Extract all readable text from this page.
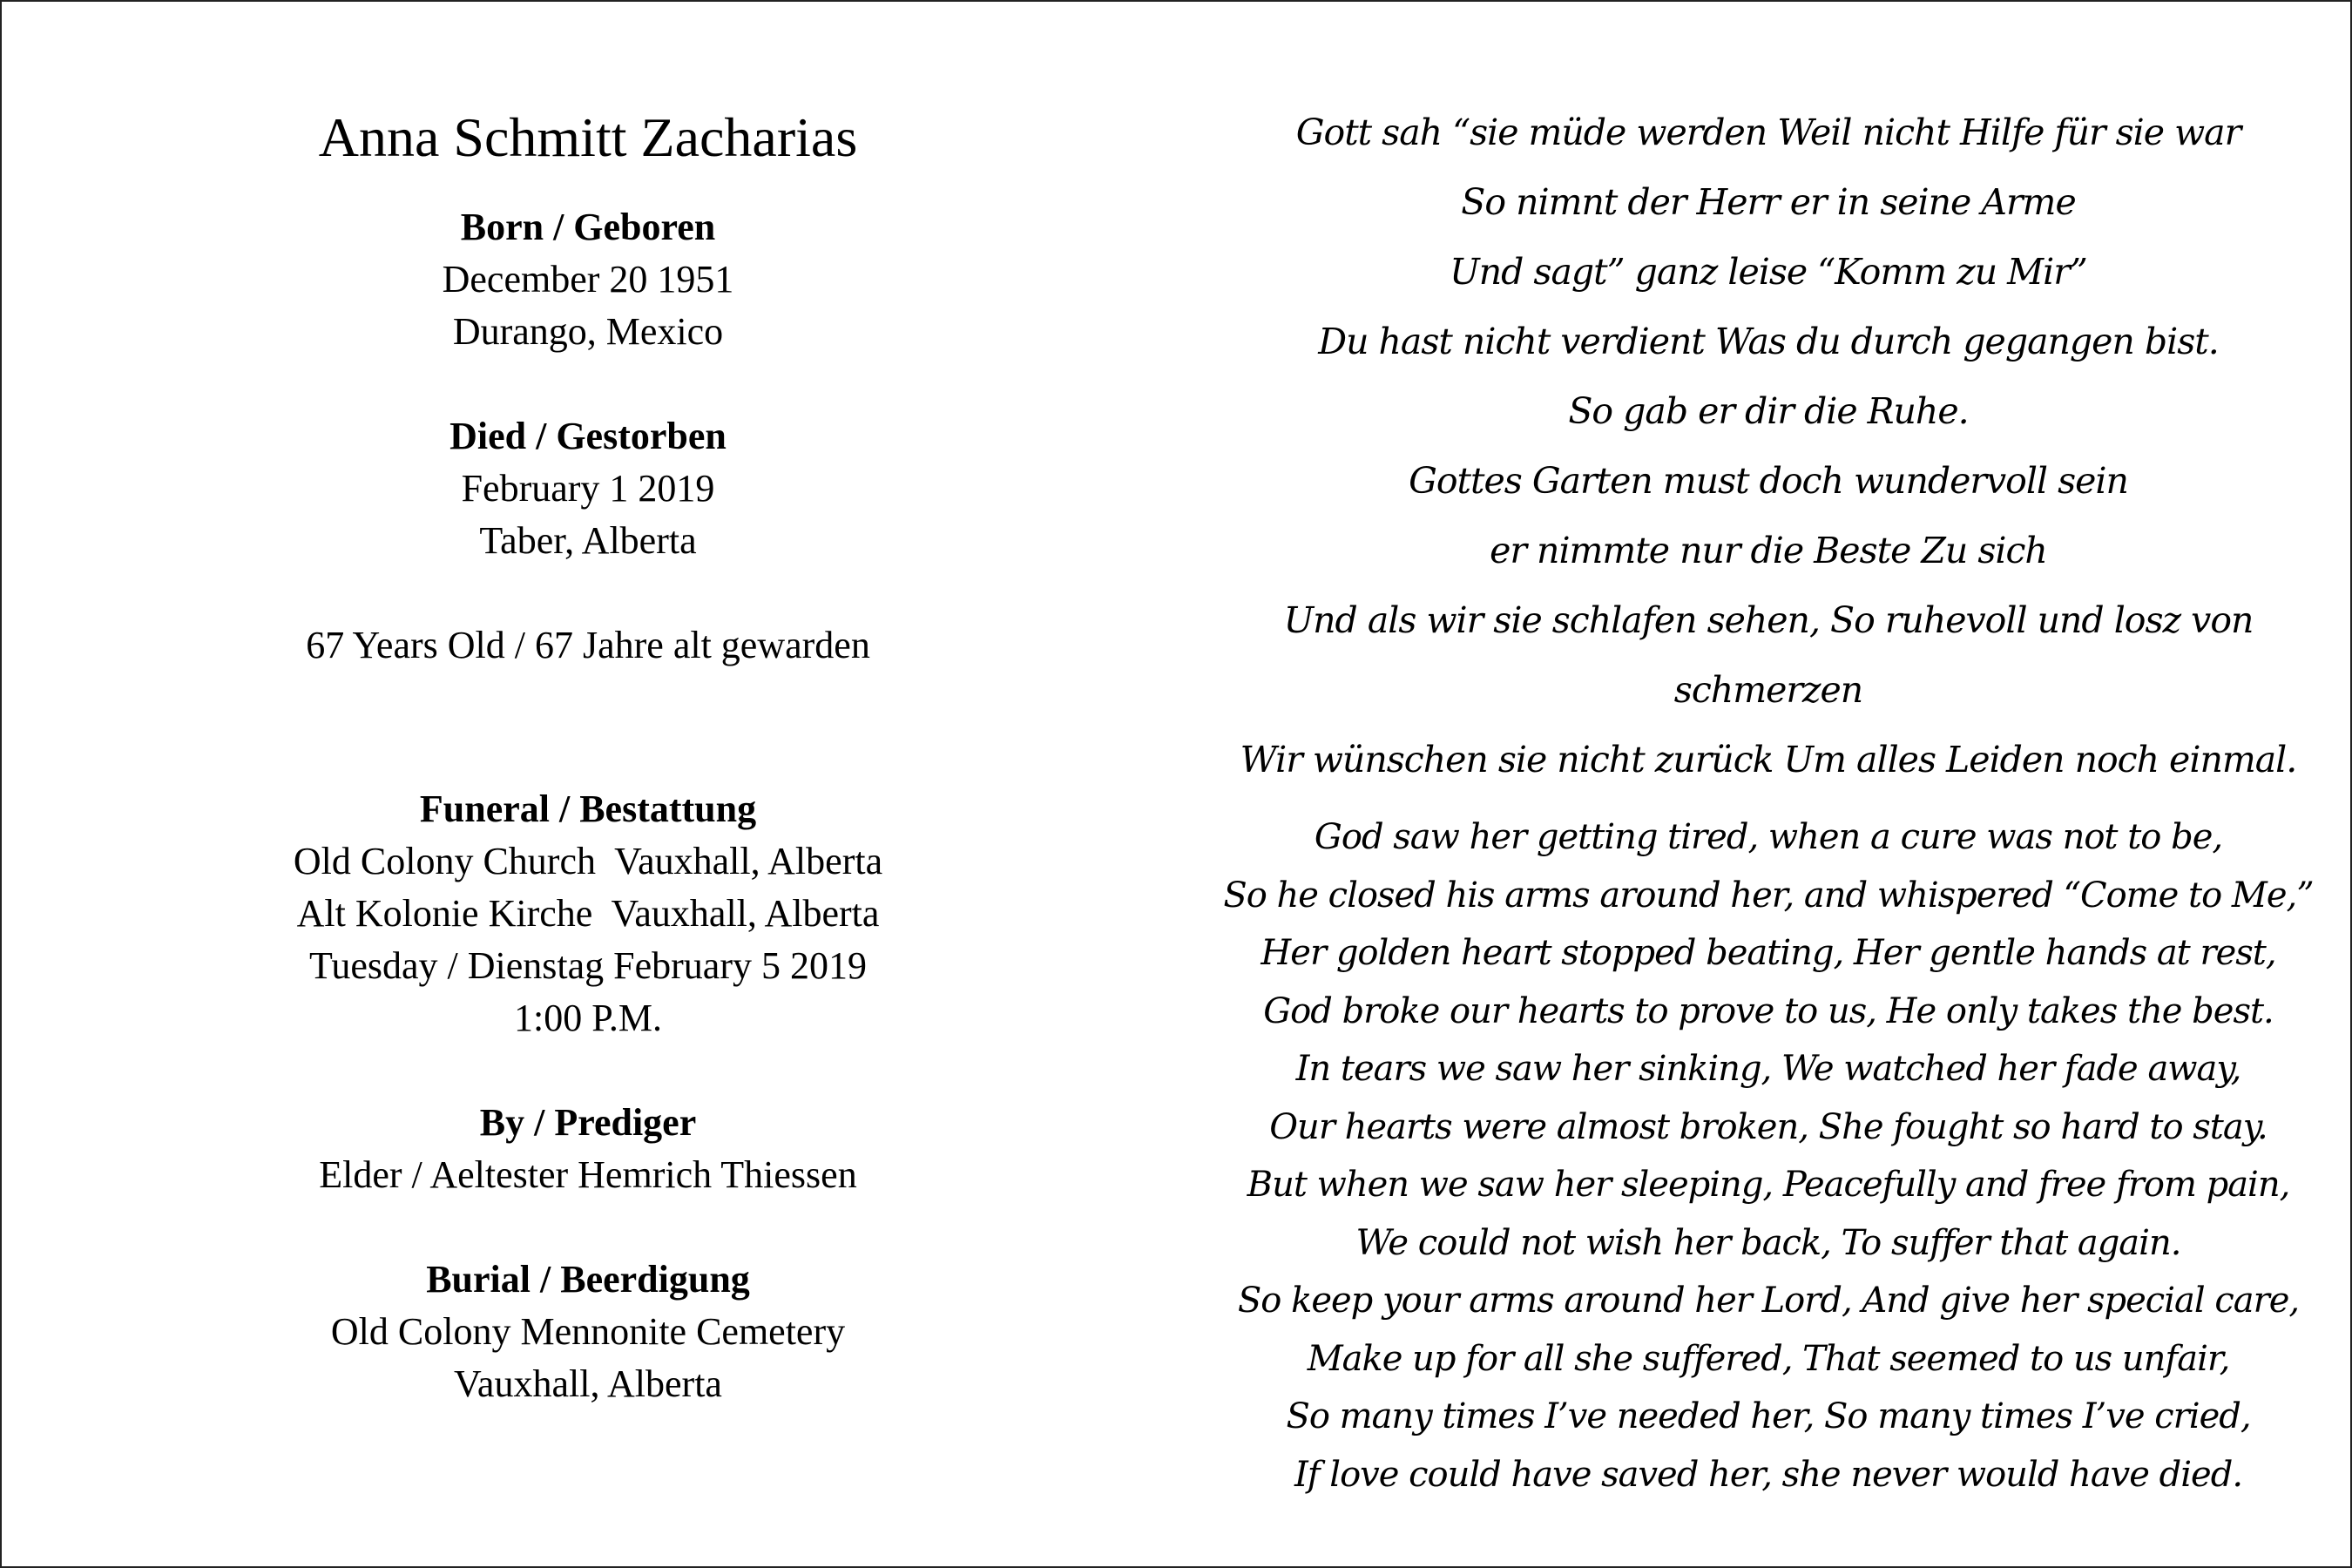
Anna Schmitt Zacharias
Born / Geboren
December 20 1951
Durango, Mexico
Died / Gestorben
February 1 2019
Taber, Alberta
67 Years Old / 67 Jahre alt gewarden
Funeral / Bestattung
Old Colony Church  Vauxhall, Alberta
Alt Kolonie Kirche  Vauxhall, Alberta
Tuesday / Dienstag February 5 2019
1:00 P.M.
By / Prediger
Elder / Aeltester Hemrich Thiessen
Burial / Beerdigung
Old Colony Mennonite Cemetery
Vauxhall, Alberta
Gott sah “sie müde werden Weil nicht Hilfe für sie war
So nimnt der Herr er in seine Arme
Und sagt” ganz leise “Komm zu Mir”
Du hast nicht verdient Was du durch gegangen bist.
So gab er dir die Ruhe.
Gottes Garten must doch wundervoll sein
er nimmte nur die Beste Zu sich
Und als wir sie schlafen sehen, So ruhevoll und losz von schmerzen
Wir wünschen sie nicht zurück Um alles Leiden noch einmal.
God saw her getting tired, when a cure was not to be,
So he closed his arms around her, and whispered “Come to Me,”
Her golden heart stopped beating, Her gentle hands at rest,
God broke our hearts to prove to us, He only takes the best.
In tears we saw her sinking, We watched her fade away,
Our hearts were almost broken, She fought so hard to stay.
But when we saw her sleeping, Peacefully and free from pain,
We could not wish her back, To suffer that again.
So keep your arms around her Lord, And give her special care,
Make up for all she suffered, That seemed to us unfair,
So many times I’ve needed her, So many times I’ve cried,
If love could have saved her, she never would have died.
